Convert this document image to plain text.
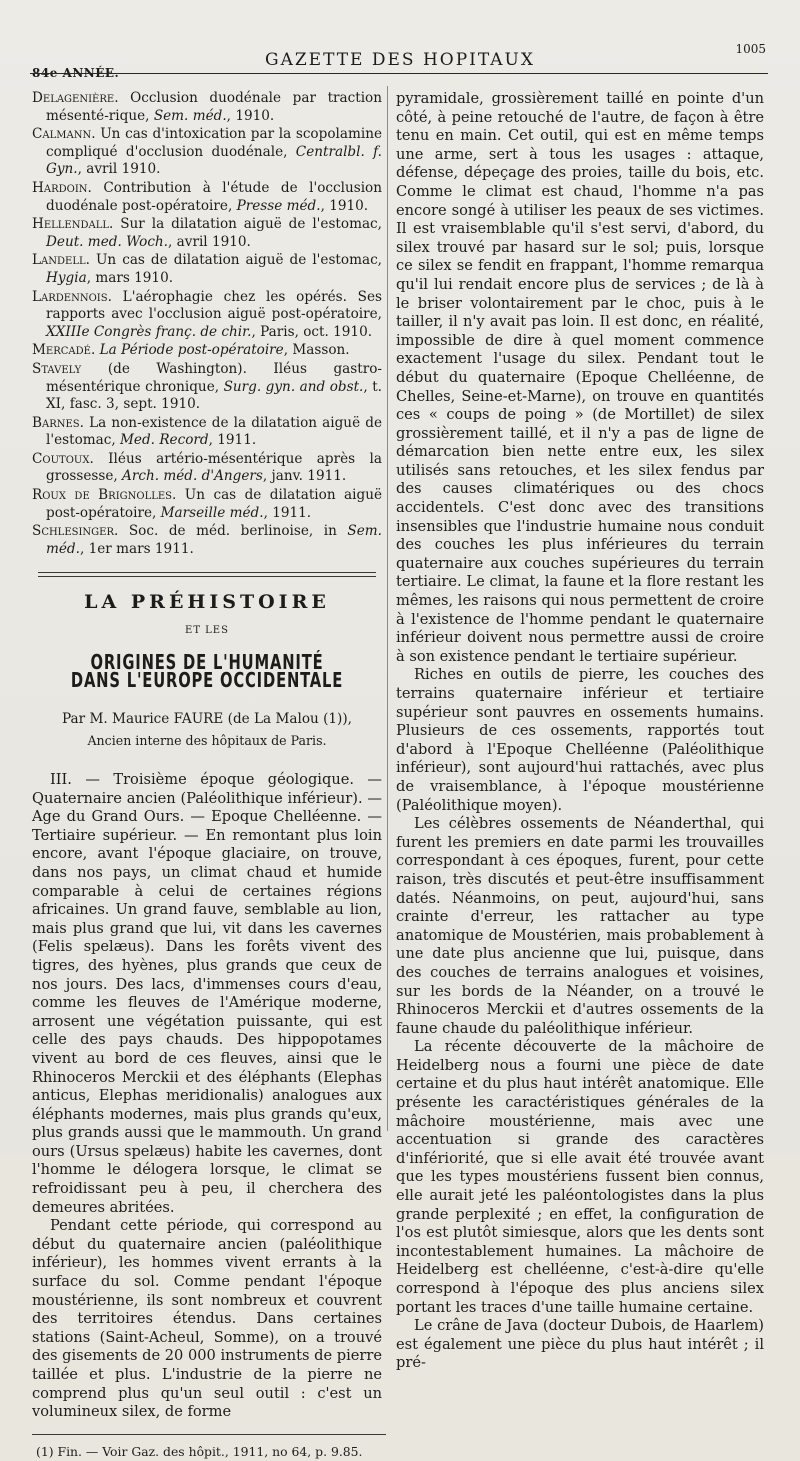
84e ANNÉE.
GAZETTE DES HOPITAUX
1005

Delagenière. Occlusion duodénale par traction mésenté-rique, Sem. méd., 1910.

Calmann. Un cas d'intoxication par la scopolamine compliqué d'occlusion duodénale, Centralbl. f. Gyn., avril 1910.

Hardoin. Contribution à l'étude de l'occlusion duodénale post-opératoire, Presse méd., 1910.

Hellendall. Sur la dilatation aiguë de l'estomac, Deut. med. Woch., avril 1910.

Landell. Un cas de dilatation aiguë de l'estomac, Hygia, mars 1910.

Lardennois. L'aérophagie chez les opérés. Ses rapports avec l'occlusion aiguë post-opératoire, XXIIIe Congrès franç. de chir., Paris, oct. 1910.

Mercadé. La Période post-opératoire, Masson.

Stavely (de Washington). Iléus gastro-mésentérique chronique, Surg. gyn. and obst., t. XI, fasc. 3, sept. 1910.

Barnes. La non-existence de la dilatation aiguë de l'estomac, Med. Record, 1911.

Coutoux. Iléus artério-mésentérique après la grossesse, Arch. méd. d'Angers, janv. 1911.

Roux de Brignolles. Un cas de dilatation aiguë post-opératoire, Marseille méd., 1911.

Schlesinger. Soc. de méd. berlinoise, in Sem. méd., 1er mars 1911.

LA PRÉHISTOIRE
ET LES
ORIGINES DE L'HUMANITÉ DANS L'EUROPE OCCIDENTALE
Par M. Maurice FAURE (de La Malou (1)),
Ancien interne des hôpitaux de Paris.

III. — Troisième époque géologique. — Quaternaire ancien (Paléolithique inférieur). — Age du Grand Ours. — Epoque Chelléenne. — Tertiaire supérieur. — En remontant plus loin encore, avant l'époque glaciaire, on trouve, dans nos pays, un climat chaud et humide comparable à celui de certaines régions africaines. Un grand fauve, semblable au lion, mais plus grand que lui, vit dans les cavernes (Felis spelæus). Dans les forêts vivent des tigres, des hyènes, plus grands que ceux de nos jours. Des lacs, d'immenses cours d'eau, comme les fleuves de l'Amérique moderne, arrosent une végétation puissante, qui est celle des pays chauds. Des hippopotames vivent au bord de ces fleuves, ainsi que le Rhinoceros Merckii et des éléphants (Elephas anticus, Elephas meridionalis) analogues aux éléphants modernes, mais plus grands qu'eux, plus grands aussi que le mammouth. Un grand ours (Ursus spelæus) habite les cavernes, dont l'homme le délogera lorsque, le climat se refroidissant peu à peu, il cherchera des demeures abritées.

Pendant cette période, qui correspond au début du quaternaire ancien (paléolithique inférieur), les hommes vivent errants à la surface du sol. Comme pendant l'époque moustérienne, ils sont nombreux et couvrent des territoires étendus. Dans certaines stations (Saint-Acheul, Somme), on a trouvé des gisements de 20 000 instruments de pierre taillée et plus. L'industrie de la pierre ne comprend plus qu'un seul outil : c'est un volumineux silex, de forme

(1) Fin. — Voir Gaz. des hôpit., 1911, no 64, p. 9.85.

pyramidale, grossièrement taillé en pointe d'un côté, à peine retouché de l'autre, de façon à être tenu en main. Cet outil, qui est en même temps une arme, sert à tous les usages : attaque, défense, dépeçage des proies, taille du bois, etc. Comme le climat est chaud, l'homme n'a pas encore songé à utiliser les peaux de ses victimes. Il est vraisemblable qu'il s'est servi, d'abord, du silex trouvé par hasard sur le sol; puis, lorsque ce silex se fendit en frappant, l'homme remarqua qu'il lui rendait encore plus de services ; de là à le briser volontairement par le choc, puis à le tailler, il n'y avait pas loin. Il est donc, en réalité, impossible de dire à quel moment commence exactement l'usage du silex. Pendant tout le début du quaternaire (Epoque Chelléenne, de Chelles, Seine-et-Marne), on trouve en quantités ces « coups de poing » (de Mortillet) de silex grossièrement taillé, et il n'y a pas de ligne de démarcation bien nette entre eux, les silex utilisés sans retouches, et les silex fendus par des causes climatériques ou des chocs accidentels. C'est donc avec des transitions insensibles que l'industrie humaine nous conduit des couches les plus inférieures du terrain quaternaire aux couches supérieures du terrain tertiaire. Le climat, la faune et la flore restant les mêmes, les raisons qui nous permettent de croire à l'existence de l'homme pendant le quaternaire inférieur doivent nous permettre aussi de croire à son existence pendant le tertiaire supérieur.

Riches en outils de pierre, les couches des terrains quaternaire inférieur et tertiaire supérieur sont pauvres en ossements humains. Plusieurs de ces ossements, rapportés tout d'abord à l'Epoque Chelléenne (Paléolithique inférieur), sont aujourd'hui rattachés, avec plus de vraisemblance, à l'époque moustérienne (Paléolithique moyen).

Les célèbres ossements de Néanderthal, qui furent les premiers en date parmi les trouvailles correspondant à ces époques, furent, pour cette raison, très discutés et peut-être insuffisamment datés. Néanmoins, on peut, aujourd'hui, sans crainte d'erreur, les rattacher au type anatomique de Moustérien, mais probablement à une date plus ancienne que lui, puisque, dans des couches de terrains analogues et voisines, sur les bords de la Néander, on a trouvé le Rhinoceros Merckii et d'autres ossements de la faune chaude du paléolithique inférieur.

La récente découverte de la mâchoire de Heidelberg nous a fourni une pièce de date certaine et du plus haut intérêt anatomique. Elle présente les caractéristiques générales de la mâchoire moustérienne, mais avec une accentuation si grande des caractères d'infériorité, que si elle avait été trouvée avant que les types moustériens fussent bien connus, elle aurait jeté les paléontologistes dans la plus grande perplexité ; en effet, la configuration de l'os est plutôt simiesque, alors que les dents sont incontestablement humaines. La mâchoire de Heidelberg est chelléenne, c'est-à-dire qu'elle correspond à l'époque des plus anciens silex portant les traces d'une taille humaine certaine.

Le crâne de Java (docteur Dubois, de Haarlem) est également une pièce du plus haut intérêt ; il pré-
